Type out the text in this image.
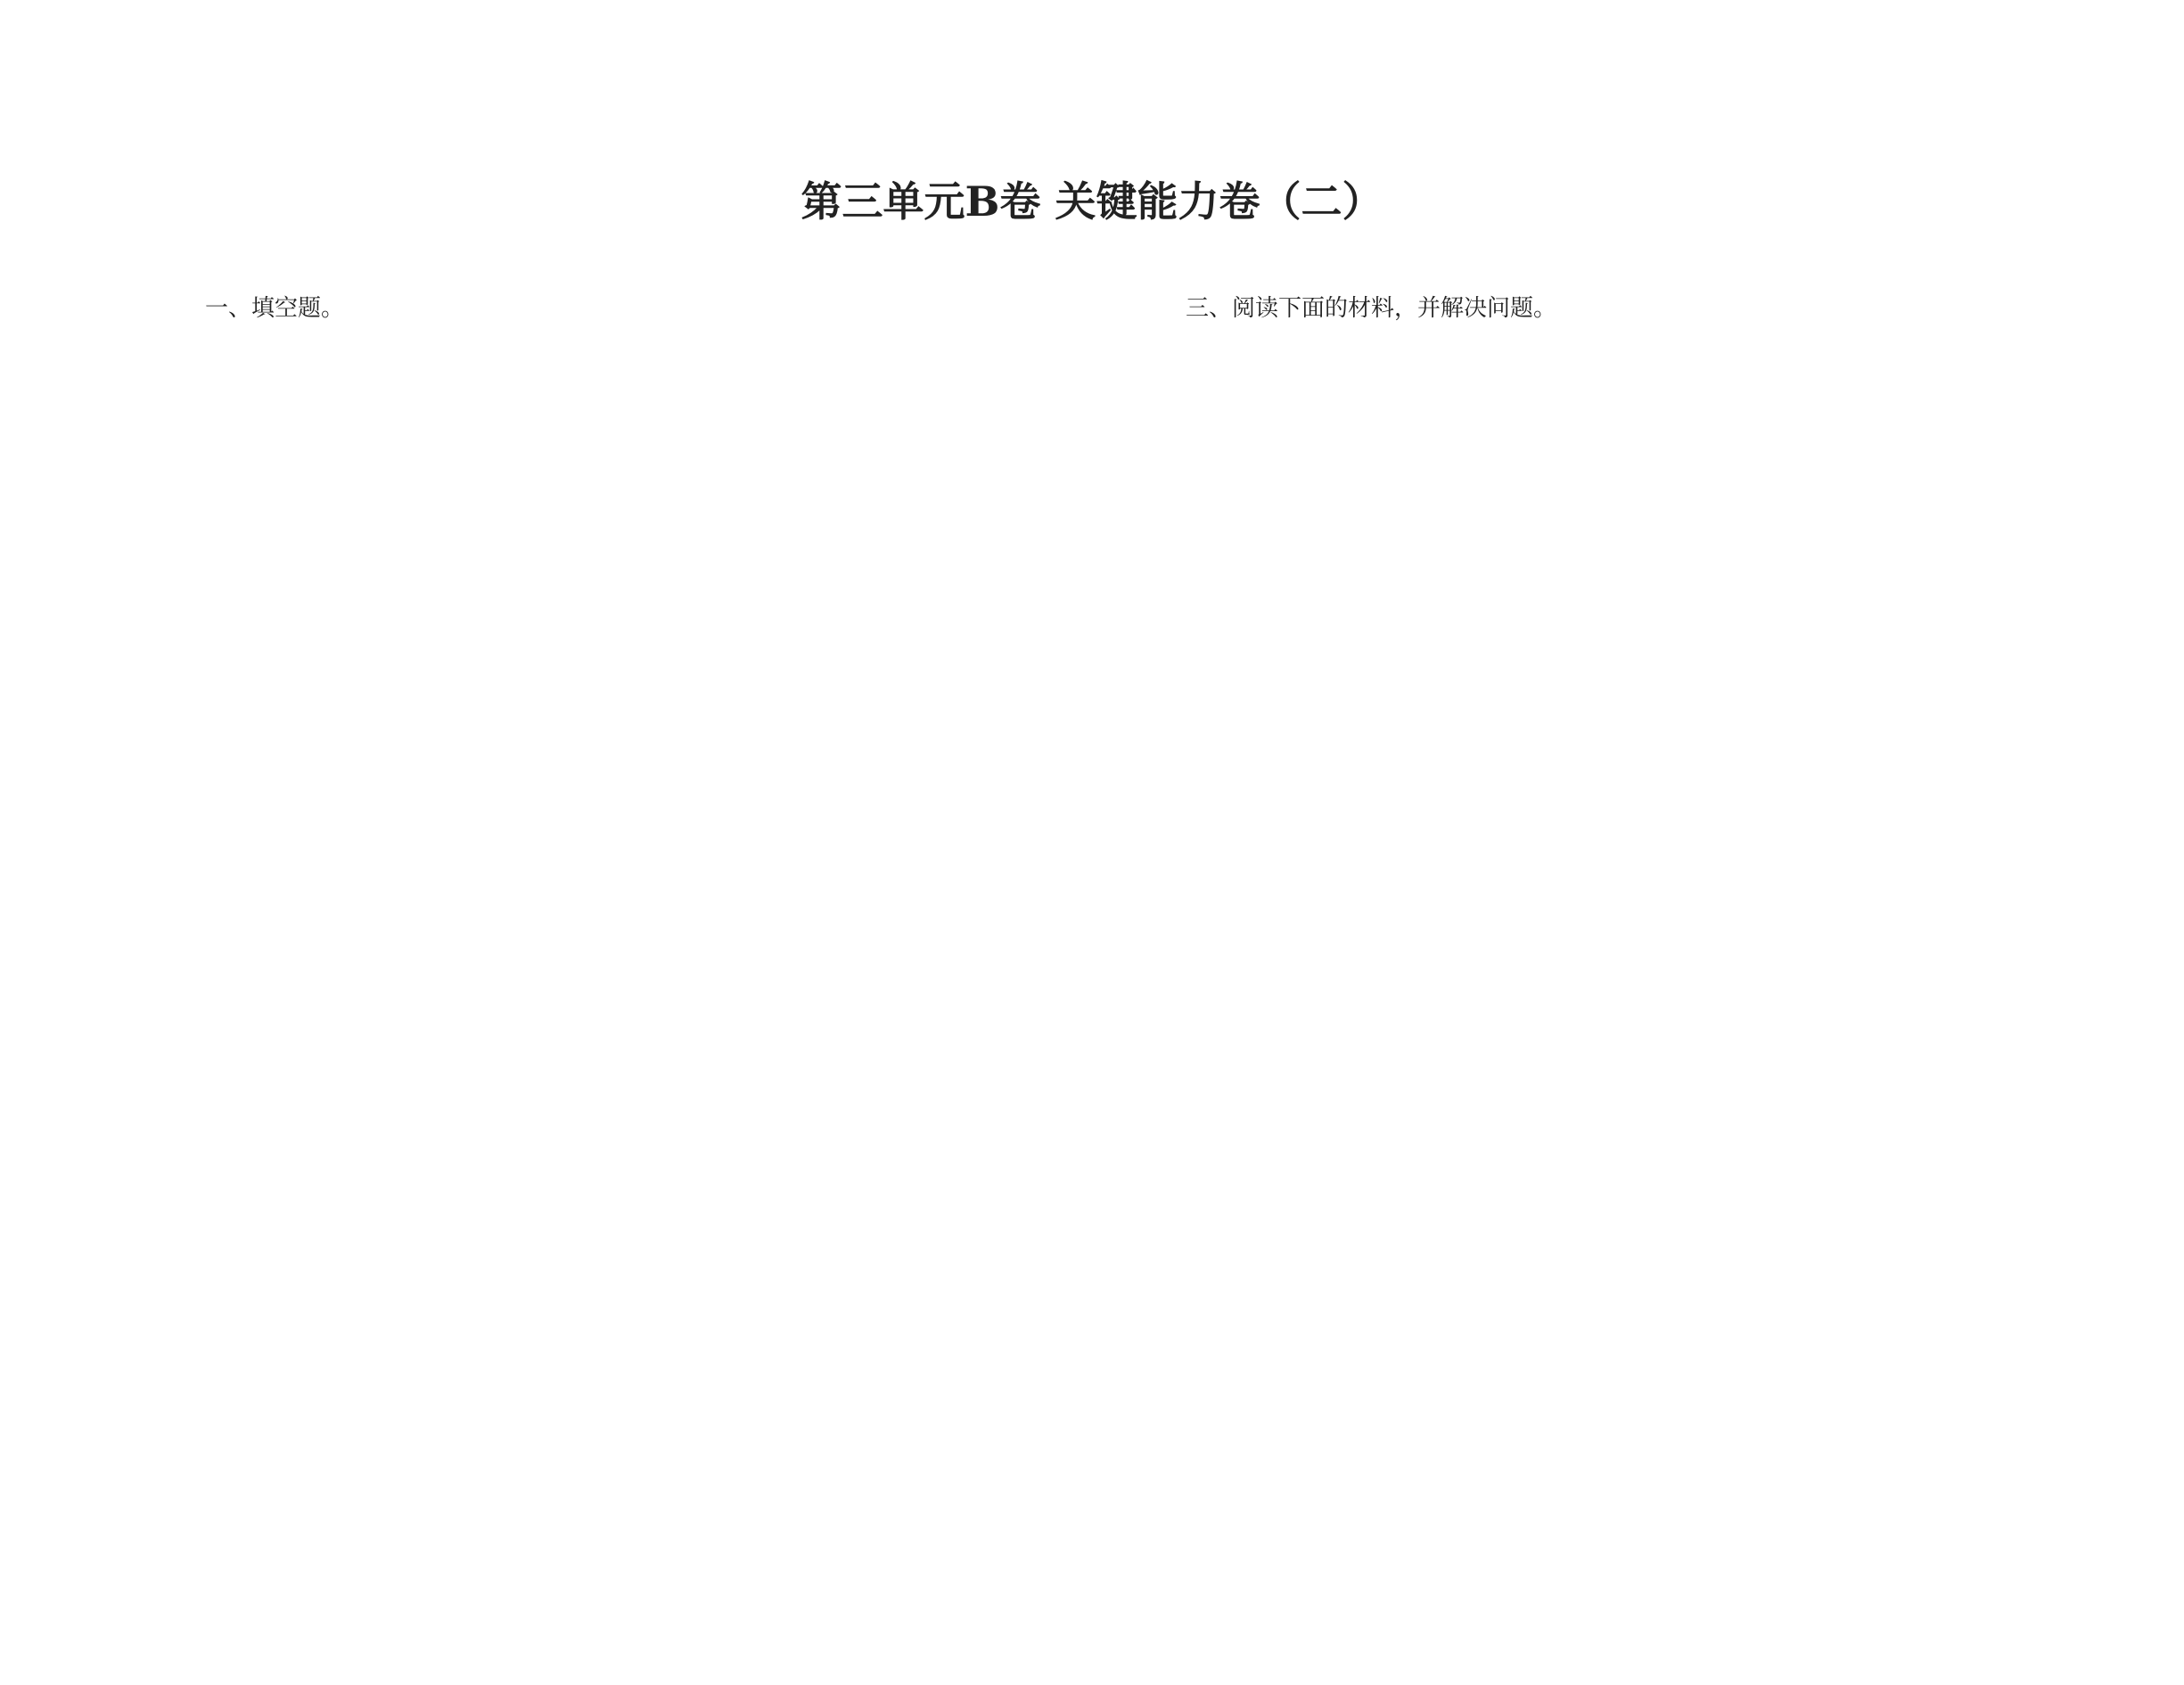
第三单元B卷 关键能力卷（二）
一、填空题。	三、阅读下面的材料，并解决问题。
